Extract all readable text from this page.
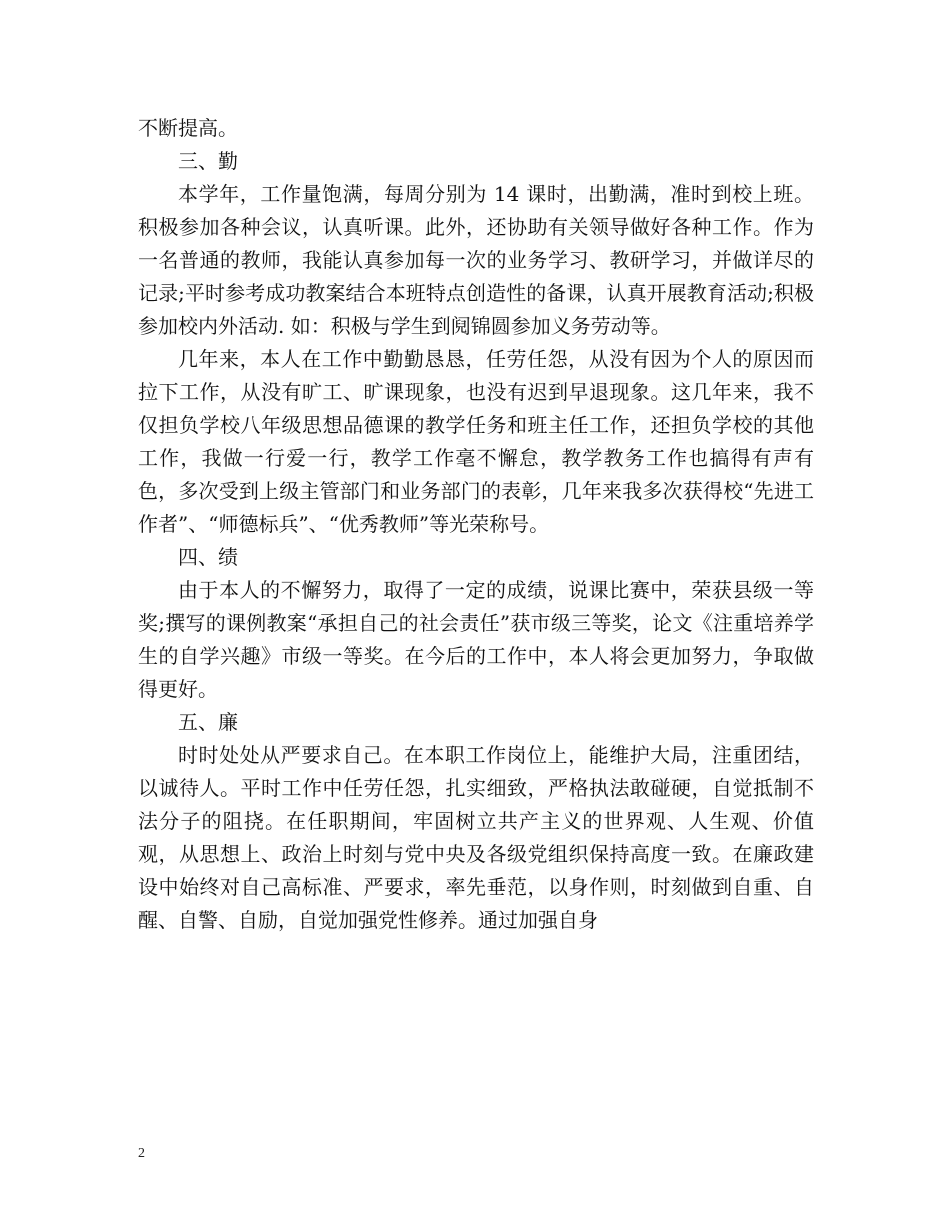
不断提高。

三、勤

本学年，工作量饱满，每周分别为 14 课时，出勤满，准时到校上班。积极参加各种会议，认真听课。此外，还协助有关领导做好各种工作。作为一名普通的教师，我能认真参加每一次的业务学习、教研学习，并做详尽的记录;平时参考成功教案结合本班特点创造性的备课，认真开展教育活动;积极参加校内外活动. 如：积极与学生到阋锦圆参加义务劳动等。

几年来，本人在工作中勤勤恳恳，任劳任怨，从没有因为个人的原因而拉下工作，从没有旷工、旷课现象，也没有迟到早退现象。这几年来，我不仅担负学校八年级思想品德课的教学任务和班主任工作，还担负学校的其他工作，我做一行爱一行，教学工作毫不懈怠，教学教务工作也搞得有声有色，多次受到上级主管部门和业务部门的表彰，几年来我多次获得校“先进工作者”、“师德标兵”、“优秀教师”等光荣称号。

四、绩

由于本人的不懈努力，取得了一定的成绩，说课比赛中，荣获县级一等奖;撰写的课例教案“承担自己的社会责任”获市级三等奖，论文《注重培养学生的自学兴趣》市级一等奖。在今后的工作中，本人将会更加努力，争取做得更好。

五、廉

时时处处从严要求自己。在本职工作岗位上，能维护大局，注重团结，以诚待人。平时工作中任劳任怨，扎实细致，严格执法敢碰硬，自觉抵制不法分子的阻挠。在任职期间，牢固树立共产主义的世界观、人生观、价值观，从思想上、政治上时刻与党中央及各级党组织保持高度一致。在廉政建设中始终对自己高标准、严要求，率先垂范，以身作则，时刻做到自重、自醒、自警、自励，自觉加强党性修养。通过加强自身

2
